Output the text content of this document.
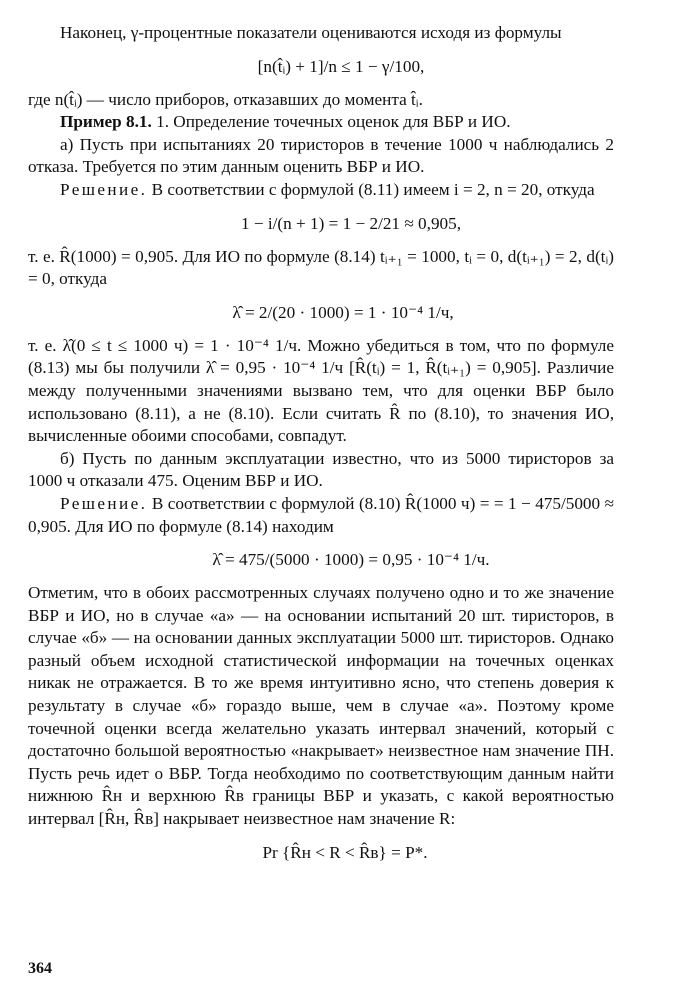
Наконец, γ-процентные показатели оцениваются исходя из формулы

[n(t̂ᵢ) + 1]/n ≤ 1 − γ/100,

где n(t̂ᵢ) — число приборов, отказавших до момента t̂ᵢ.

Пример 8.1. 1. Определение точечных оценок для ВБР и ИО.

а) Пусть при испытаниях 20 тиристоров в течение 1000 ч наблюдались 2 отказа. Требуется по этим данным оценить ВБР и ИО.

Решение. В соответствии с формулой (8.11) имеем i = 2, n = 20, откуда

1 − i/(n + 1) = 1 − 2/21 ≈ 0,905,

т. е. R̂(1000) = 0,905. Для ИО по формуле (8.14) tᵢ₊₁ = 1000, tᵢ = 0, d(tᵢ₊₁) = 2, d(tᵢ) = 0, откуда

λ̂ = 2/(20 · 1000) = 1 · 10⁻⁴ 1/ч,

т. е. λ̂(0 ≤ t ≤ 1000 ч) = 1 · 10⁻⁴ 1/ч. Можно убедиться в том, что по формуле (8.13) мы бы получили λ̂ = 0,95 · 10⁻⁴ 1/ч [R̂(tᵢ) = 1, R̂(tᵢ₊₁) = 0,905]. Различие между полученными значениями вызвано тем, что для оценки ВБР было использовано (8.11), а не (8.10). Если считать R̂ по (8.10), то значения ИО, вычисленные обоими способами, совпадут.

б) Пусть по данным эксплуатации известно, что из 5000 тиристоров за 1000 ч отказали 475. Оценим ВБР и ИО.

Решение. В соответствии с формулой (8.10) R̂(1000 ч) = = 1 − 475/5000 ≈ 0,905. Для ИО по формуле (8.14) находим

λ̂ = 475/(5000 · 1000) = 0,95 · 10⁻⁴ 1/ч.

Отметим, что в обоих рассмотренных случаях получено одно и то же значение ВБР и ИО, но в случае «а» — на основании испытаний 20 шт. тиристоров, в случае «б» — на основании данных эксплуатации 5000 шт. тиристоров. Однако разный объем исходной статистической информации на точечных оценках никак не отражается. В то же время интуитивно ясно, что степень доверия к результату в случае «б» гораздо выше, чем в случае «а». Поэтому кроме точечной оценки всегда желательно указать интервал значений, который с достаточно большой вероятностью «накрывает» неизвестное нам значение ПН. Пусть речь идет о ВБР. Тогда необходимо по соответствующим данным найти нижнюю R̂н и верхнюю R̂в границы ВБР и указать, с какой вероятностью интервал [R̂н, R̂в] накрывает неизвестное нам значение R:

Pr {R̂н < R < R̂в} = P*.
364
